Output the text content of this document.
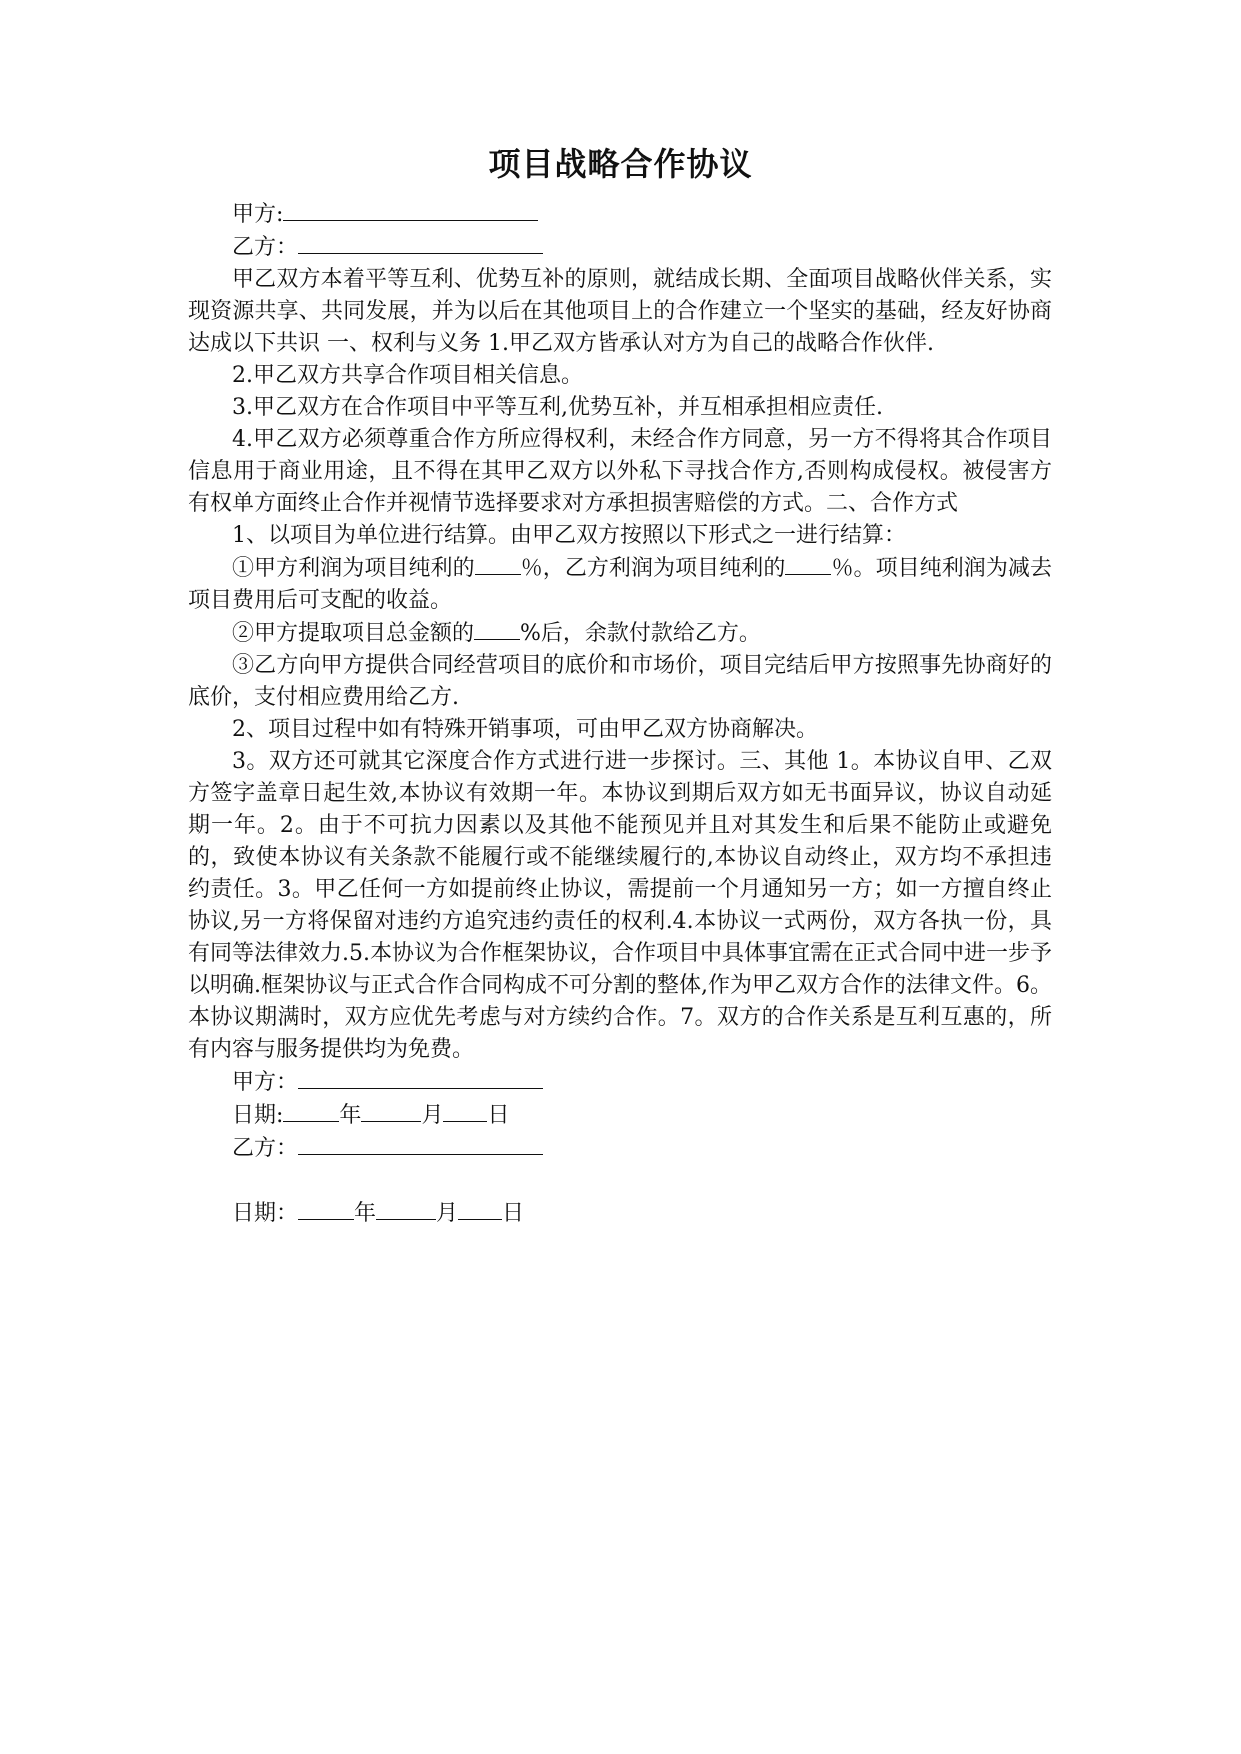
项目战略合作协议
甲方:
乙方：

甲乙双方本着平等互利、优势互补的原则，就结成长期、全面项目战略伙伴关系，实现资源共享、共同发展，并为以后在其他项目上的合作建立一个坚实的基础，经友好协商达成以下共识 一、权利与义务 1.甲乙双方皆承认对方为自己的战略合作伙伴.

2.甲乙双方共享合作项目相关信息。

3.甲乙双方在合作项目中平等互利,优势互补，并互相承担相应责任.

4.甲乙双方必须尊重合作方所应得权利，未经合作方同意，另一方不得将其合作项目信息用于商业用途，且不得在其甲乙双方以外私下寻找合作方,否则构成侵权。被侵害方有权单方面终止合作并视情节选择要求对方承担损害赔偿的方式。二、合作方式

1、以项目为单位进行结算。由甲乙双方按照以下形式之一进行结算：

①甲方利润为项目纯利的 ％，乙方利润为项目纯利的 ％。项目纯利润为减去项目费用后可支配的收益。

②甲方提取项目总金额的 %后，余款付款给乙方。

③乙方向甲方提供合同经营项目的底价和市场价，项目完结后甲方按照事先协商好的底价，支付相应费用给乙方.

2、项目过程中如有特殊开销事项，可由甲乙双方协商解决。

3。双方还可就其它深度合作方式进行进一步探讨。三、其他 1。本协议自甲、乙双方签字盖章日起生效,本协议有效期一年。本协议到期后双方如无书面异议，协议自动延期一年。2。由于不可抗力因素以及其他不能预见并且对其发生和后果不能防止或避免的，致使本协议有关条款不能履行或不能继续履行的,本协议自动终止，双方均不承担违约责任。3。甲乙任何一方如提前终止协议，需提前一个月通知另一方；如一方擅自终止协议,另一方将保留对违约方追究违约责任的权利.4.本协议一式两份，双方各执一份，具有同等法律效力.5.本协议为合作框架协议，合作项目中具体事宜需在正式合同中进一步予以明确.框架协议与正式合作合同构成不可分割的整体,作为甲乙双方合作的法律文件。6。本协议期满时，双方应优先考虑与对方续约合作。7。双方的合作关系是互利互惠的，所有内容与服务提供均为免费。

甲方：

日期:	年	月 日

乙方：

日期：	年	月 日
